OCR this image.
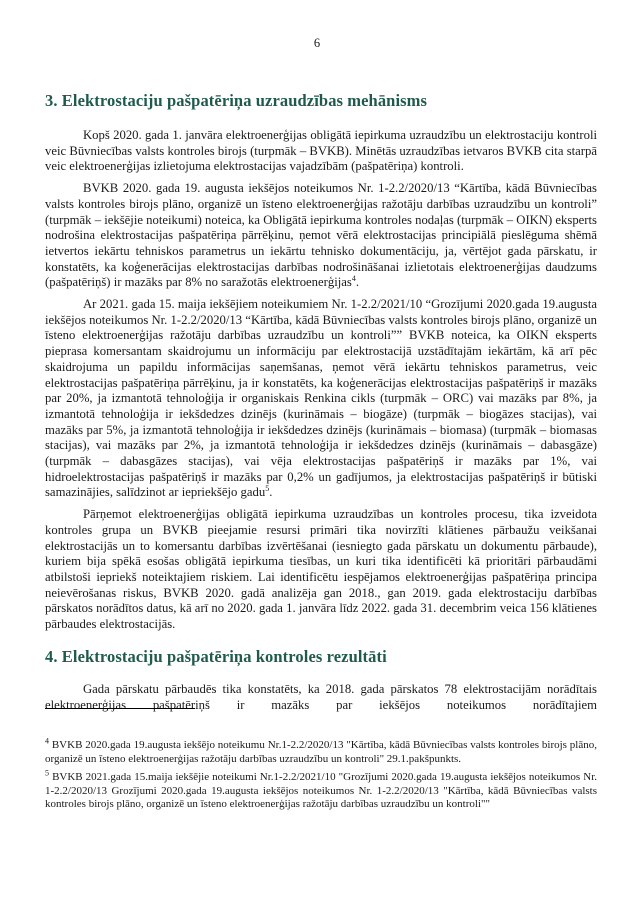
6
3. Elektrostaciju pašpatēriņa uzraudzības mehānisms

Kopš 2020. gada 1. janvāra elektroenerģijas obligātā iepirkuma uzraudzību un elektrostaciju kontroli veic Būvniecības valsts kontroles birojs (turpmāk – BVKB). Minētās uzraudzības ietvaros BVKB cita starpā veic elektroenerģijas izlietojuma elektrostacijas vajadzībām (pašpatēriņa) kontroli.

BVKB 2020. gada 19. augusta iekšējos noteikumos Nr. 1-2.2/2020/13 “Kārtība, kādā Būvniecības valsts kontroles birojs plāno, organizē un īsteno elektroenerģijas ražotāju darbības uzraudzību un kontroli” (turpmāk – iekšējie noteikumi) noteica, ka Obligātā iepirkuma kontroles nodaļas (turpmāk – OIKN) eksperts nodrošina elektrostacijas pašpatēriņa pārrēķinu, ņemot vērā elektrostacijas principiālā pieslēguma shēmā ietvertos iekārtu tehniskos parametrus un iekārtu tehnisko dokumentāciju, ja, vērtējot gada pārskatu, ir konstatēts, ka koģenerācijas elektrostacijas darbības nodrošināšanai izlietotais elektroenerģijas daudzums (pašpatēriņš) ir mazāks par 8% no saražotās elektroenerģijas$^4$.

Ar 2021. gada 15. maija iekšējiem noteikumiem Nr. 1-2.2/2021/10 “Grozījumi 2020.gada 19.augusta iekšējos noteikumos Nr. 1-2.2/2020/13 “Kārtība, kādā Būvniecības valsts kontroles birojs plāno, organizē un īsteno elektroenerģijas ražotāju darbības uzraudzību un kontroli”” BVKB noteica, ka OIKN eksperts pieprasa komersantam skaidrojumu un informāciju par elektrostacijā uzstādītajām iekārtām, kā arī pēc skaidrojuma un papildu informācijas saņemšanas, ņemot vērā iekārtu tehniskos parametrus, veic elektrostacijas pašpatēriņa pārrēķinu, ja ir konstatēts, ka koģenerācijas elektrostacijas pašpatēriņš ir mazāks par 20%, ja izmantotā tehnoloģija ir organiskais Renkina cikls (turpmāk – ORC) vai mazāks par 8%, ja izmantotā tehnoloģija ir iekšdedzes dzinējs (kurināmais – biogāze) (turpmāk – biogāzes stacijas), vai mazāks par 5%, ja izmantotā tehnoloģija ir iekšdedzes dzinējs (kurināmais – biomasa) (turpmāk – biomasas stacijas), vai mazāks par 2%, ja izmantotā tehnoloģija ir iekšdedzes dzinējs (kurināmais – dabasgāze) (turpmāk – dabasgāzes stacijas), vai vēja elektrostacijas pašpatēriņš ir mazāks par 1%, vai hidroelektrostacijas pašpatēriņš ir mazāks par 0,2% un gadījumos, ja elektrostacijas pašpatēriņš ir būtiski samazinājies, salīdzinot ar iepriekšējo gadu$^5$.

Pārņemot elektroenerģijas obligātā iepirkuma uzraudzības un kontroles procesu, tika izveidota kontroles grupa un BVKB pieejamie resursi primāri tika novirzīti klātienes pārbaužu veikšanai elektrostacijās un to komersantu darbības izvērtēšanai (iesniegto gada pārskatu un dokumentu pārbaude), kuriem bija spēkā esošas obligātā iepirkuma tiesības, un kuri tika identificēti kā prioritāri pārbaudāmi atbilstoši iepriekš noteiktajiem riskiem. Lai identificētu iespējamos elektroenerģijas pašpatēriņa principa neievērošanas riskus, BVKB 2020. gadā analizēja gan 2018., gan 2019. gada elektrostaciju darbības pārskatos norādītos datus, kā arī no 2020. gada 1. janvāra līdz 2022. gada 31. decembrim veica 156 klātienes pārbaudes elektrostacijās.

4. Elektrostaciju pašpatēriņa kontroles rezultāti

Gada pārskatu pārbaudēs tika konstatēts, ka 2018. gada pārskatos 78 elektrostacijām norādītais elektroenerģijas pašpatēriņš ir mazāks par iekšējos noteikumos norādītajiem

$^4$ BVKB 2020.gada 19.augusta iekšējo noteikumu Nr.1-2.2/2020/13 "Kārtība, kādā Būvniecības valsts kontroles birojs plāno, organizē un īsteno elektroenerģijas ražotāju darbības uzraudzību un kontroli" 29.1.pakšpunkts.

$^5$ BVKB 2021.gada 15.maija iekšējie noteikumi Nr.1-2.2/2021/10 "Grozījumi 2020.gada 19.augusta iekšējos noteikumos Nr. 1-2.2/2020/13 Grozījumi 2020.gada 19.augusta iekšējos noteikumos Nr. 1-2.2/2020/13 "Kārtība, kādā Būvniecības valsts kontroles birojs plāno, organizē un īsteno elektroenerģijas ražotāju darbības uzraudzību un kontroli""
